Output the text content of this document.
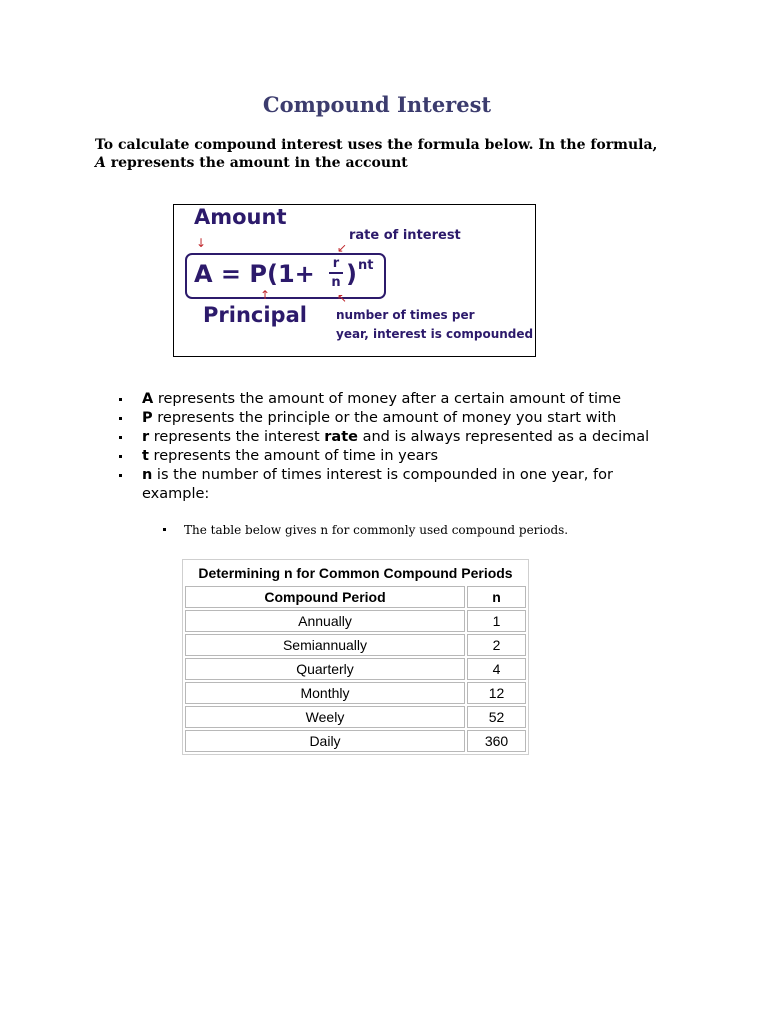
Compound Interest
To calculate compound interest uses the formula below. In the formula,
A represents the amount in the account
Amount
↓	rate of interest
↙
A = P(1+ r
n ) nt
↑	↖
Principal number of times per
year, interest is compounded
A represents the amount of money after a certain amount of time
P represents the principle or the amount of money you start with
r represents the interest rate and is always represented as a decimal
t represents the amount of time in years
n is the number of times interest is compounded in one year, for example:
The table below gives n for commonly used compound periods.
Determining n for Common Compound Periods	
Compound Period	n
Annually	1
Semiannually	2
Quarterly	4
Monthly	12
Weely	52
Daily	360
